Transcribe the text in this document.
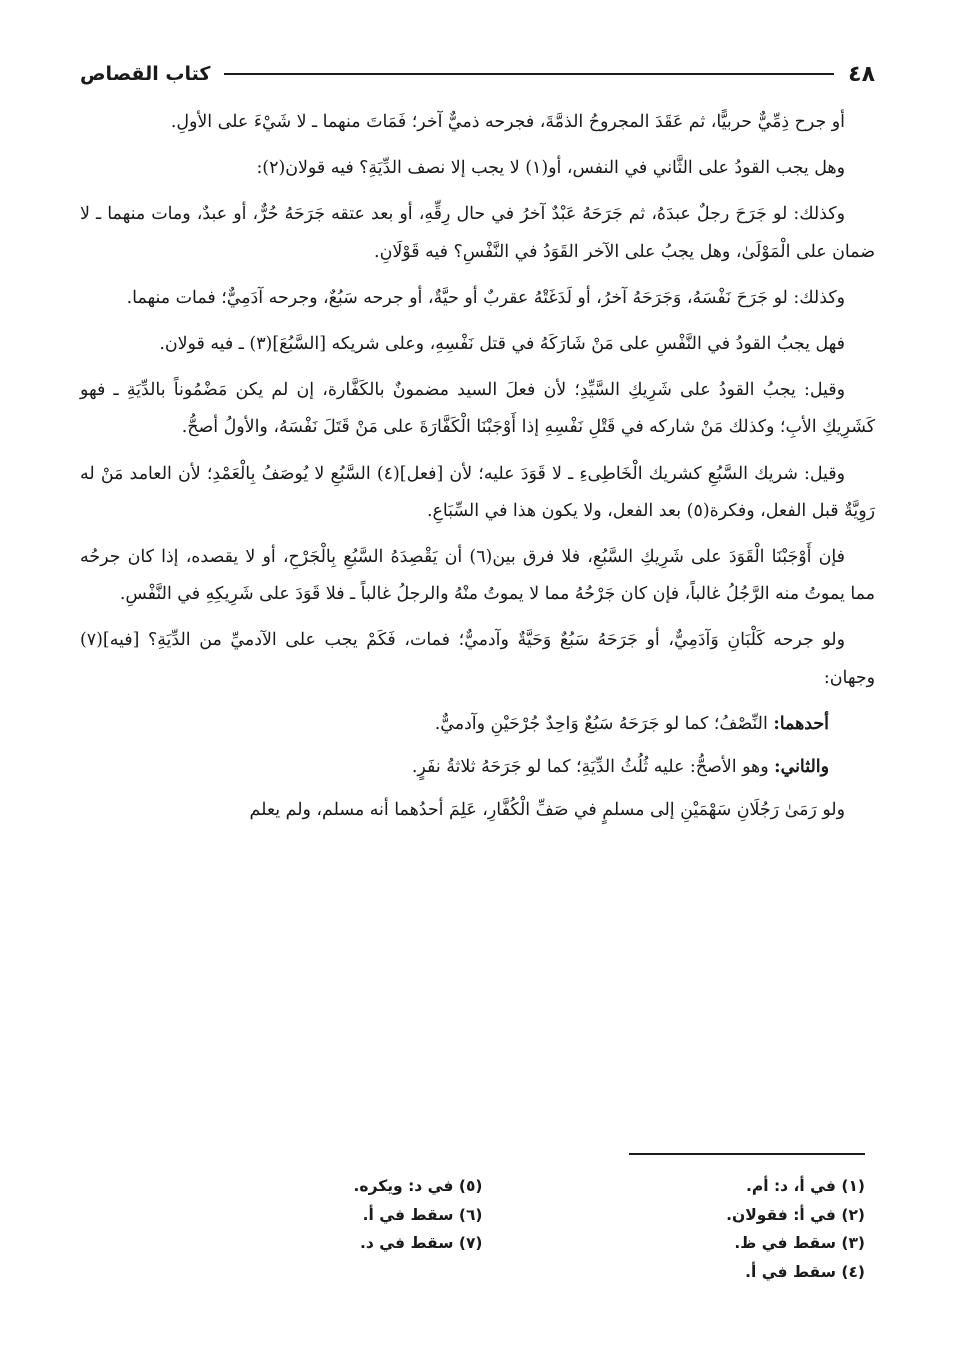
٤٨
كتاب القصاص

أو جرح ذِمِّيٌّ حربيًّا، ثم عَقَدَ المجروحُ الذمَّةَ، فجرحه ذميٌّ آخر؛ فَمَاتَ منهما ـ لا شَيْءَ على الأولِ.

وهل يجب القودُ على الثَّاني في النفس، أو(١) لا يجب إلا نصف الدِّيَةِ؟ فيه قولان(٢):

وكذلك: لو جَرَحَ رجلٌ عبدَهُ، ثم جَرَحَهُ عَبْدٌ آخرُ في حال رِقِّهِ، أو بعد عتقه جَرَحَهُ حُرٌّ، أو عبدٌ، ومات منهما ـ لا ضمان على الْمَوْلَىٰ، وهل يجبُ على الآخر القَوَدُ في النَّفْسِ؟ فيه قَوْلَانِ.

وكذلك: لو جَرَحَ نَفْسَهُ، وَجَرَحَهُ آخرُ، أو لَدَغَتْهُ عقربٌ أو حيَّةٌ، أو جرحه سَبُعٌ، وجرحه آدَمِيٌّ؛ فمات منهما.

فهل يجبُ القودُ في النَّفْسِ على مَنْ شَارَكَهُ في قتل نَفْسِهِ، وعلى شريكه [السَّبُعَ](٣) ـ فيه قولان.

وقيل: يجبُ القودُ على شَرِيكِ السَّيِّدِ؛ لأن فعلَ السيد مضمونٌ بالكَفَّارة، إن لم يكن مَضْمُوناً بالدِّيَةِ ـ فهو كَشَرِيكِ الأبِ؛ وكذلك مَنْ شاركه في قَتْلِ نَفْسِهِ إذا أَوْجَبْنَا الْكَفَّارَةَ على مَنْ قَتَلَ نَفْسَهُ، والأولُ أصحُّ.

وقيل: شريك السَّبُعِ كشريك الْخَاطِىءِ ـ لا قَوَدَ عليه؛ لأن [فعل](٤) السَّبُعِ لا يُوصَفُ بِالْعَمْدِ؛ لأن العامد مَنْ له رَوِيَّةٌ قبل الفعل، وفكرة(٥) بعد الفعل، ولا يكون هذا في السِّبَاعِ.

فإن أَوْجَبْنَا الْقَوَدَ على شَرِيكِ السَّبُعِ، فلا فرق بين(٦) أن يَقْصِدَهُ السَّبُعِ بِالْجَرْحِ، أو لا يقصده، إذا كان جرحُه مما يموتُ منه الرَّجُلُ غالباً، فإن كان جَرْحُهُ مما لا يموتُ منْهُ والرجلُ غالباً ـ فلا قَوَدَ على شَرِيكِهِ في النَّفْسِ.

ولو جرحه كَلْبَانِ وَآدَمِيٌّ، أو جَرَحَهُ سَبُعٌ وَحَيَّةٌ وآدميٌّ؛ فمات، فَكَمْ يجب على الآدميِّ من الدِّيَةِ؟ [فيه](٧) وجهان:

أحدهما: النِّصْفُ؛ كما لو جَرَحَهُ سَبُعٌ وَاحِدٌ جُرْحَيْنِ وآدميٌّ.

والثاني: وهو الأصحُّ: عليه ثُلُثُ الدِّيَةِ؛ كما لو جَرَحَهُ ثلاثةُ نفَرٍ.

ولو رَمَىٰ رَجُلَانِ سَهْمَيْنِ إلى مسلمٍ في صَفِّ الْكُفَّارِ، عَلِمَ أحدُهما أنه مسلم، ولم يعلم

(١) في أ، د: أم.
(٢) في أ: فقولان.
(٣) سقط في ظ.
(٤) سقط في أ.
(٥) في د: ويكره.
(٦) سقط في أ.
(٧) سقط في د.
